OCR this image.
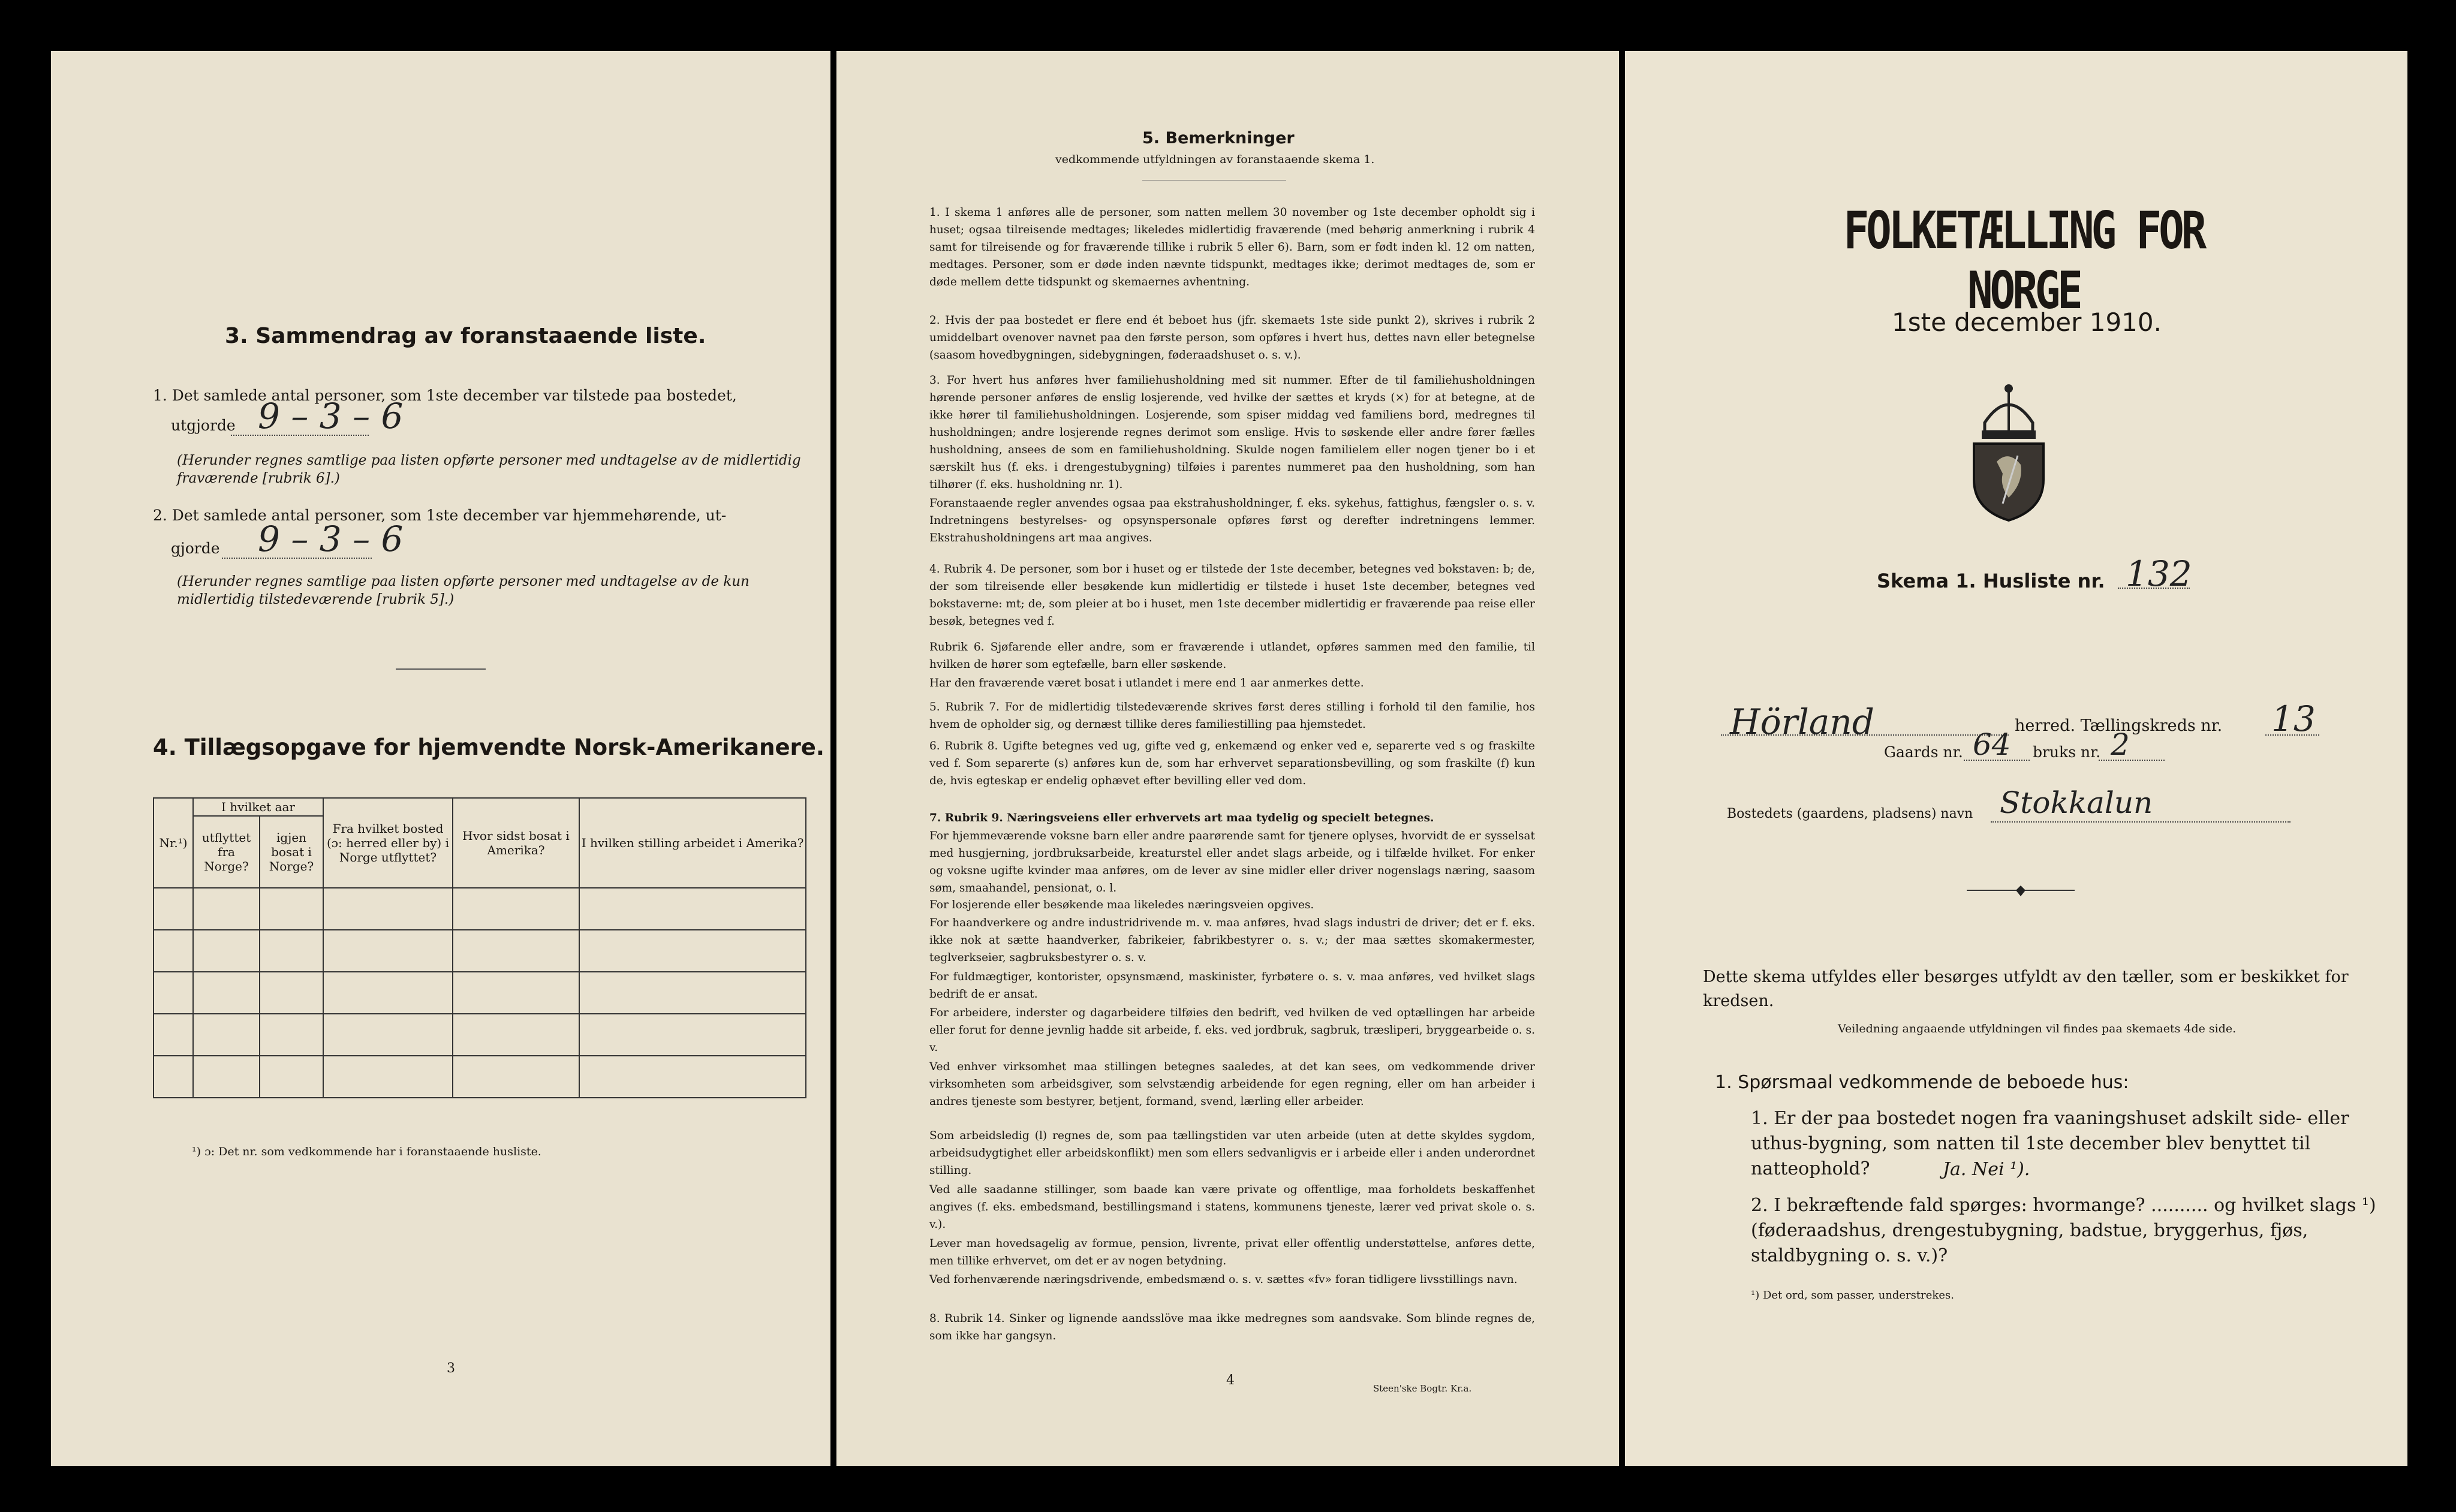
3. Sammendrag av foranstaaende liste.
1. Det samlede antal personer, som 1ste december var tilstede paa bostedet,
utgjorde 9 – 3 – 6
(Herunder regnes samtlige paa listen opførte personer med undtagelse av de midlertidig fraværende [rubrik 6].)
2. Det samlede antal personer, som 1ste december var hjemmehørende, ut-
gjorde 9 – 3 – 6
(Herunder regnes samtlige paa listen opførte personer med undtagelse av de kun midlertidig tilstedeværende [rubrik 5].)
4. Tillægsopgave for hjemvendte Norsk-Amerikanere.
Nr.¹)	I hvilket aar		Fra hvilket bosted (ɔ: herred eller by) i Norge utflyttet?	Hvor sidst bosat i Amerika?	I hvilken stilling arbeidet i Amerika?
	utflyttet fra Norge?	igjen bosat i Norge?			

¹) ɔ: Det nr. som vedkommende har i foranstaaende husliste.
3
5. Bemerkninger
vedkommende utfyldningen av foranstaaende skema 1.
1. I skema 1 anføres alle de personer, som natten mellem 30 november og 1ste december opholdt sig i huset; ogsaa tilreisende medtages; likeledes midlertidig fraværende (med behørig anmerkning i rubrik 4 samt for tilreisende og for fraværende tillike i rubrik 5 eller 6). Barn, som er født inden kl. 12 om natten, medtages. Personer, som er døde inden nævnte tidspunkt, medtages ikke; derimot medtages de, som er døde mellem dette tidspunkt og skemaernes avhentning.
2. Hvis der paa bostedet er flere end ét beboet hus (jfr. skemaets 1ste side punkt 2), skrives i rubrik 2 umiddelbart ovenover navnet paa den første person, som opføres i hvert hus, dettes navn eller betegnelse (saasom hovedbygningen, sidebygningen, føderaadshuset o. s. v.).
3. For hvert hus anføres hver familiehusholdning med sit nummer. Efter de til familiehusholdningen hørende personer anføres de enslig losjerende, ved hvilke der sættes et kryds (×) for at betegne, at de ikke hører til familiehusholdningen. Losjerende, som spiser middag ved familiens bord, medregnes til husholdningen; andre losjerende regnes derimot som enslige. Hvis to søskende eller andre fører fælles husholdning, ansees de som en familiehusholdning. Skulde nogen familielem eller nogen tjener bo i et særskilt hus (f. eks. i drengestubygning) tilføies i parentes nummeret paa den husholdning, som han tilhører (f. eks. husholdning nr. 1).
Foranstaaende regler anvendes ogsaa paa ekstrahusholdninger, f. eks. sykehus, fattighus, fængsler o. s. v. Indretningens bestyrelses- og opsynspersonale opføres først og derefter indretningens lemmer. Ekstrahusholdningens art maa angives.
4. Rubrik 4. De personer, som bor i huset og er tilstede der 1ste december, betegnes ved bokstaven: b; de, der som tilreisende eller besøkende kun midlertidig er tilstede i huset 1ste december, betegnes ved bokstaverne: mt; de, som pleier at bo i huset, men 1ste december midlertidig er fraværende paa reise eller besøk, betegnes ved f.
Rubrik 6. Sjøfarende eller andre, som er fraværende i utlandet, opføres sammen med den familie, til hvilken de hører som egtefælle, barn eller søskende.
Har den fraværende været bosat i utlandet i mere end 1 aar anmerkes dette.
5. Rubrik 7. For de midlertidig tilstedeværende skrives først deres stilling i forhold til den familie, hos hvem de opholder sig, og dernæst tillike deres familiestilling paa hjemstedet.
6. Rubrik 8. Ugifte betegnes ved ug, gifte ved g, enkemænd og enker ved e, separerte ved s og fraskilte ved f. Som separerte (s) anføres kun de, som har erhvervet separationsbevilling, og som fraskilte (f) kun de, hvis egteskap er endelig ophævet efter bevilling eller ved dom.
7. Rubrik 9. Næringsveiens eller erhvervets art maa tydelig og specielt betegnes.
For hjemmeværende voksne barn eller andre paarørende samt for tjenere oplyses, hvorvidt de er sysselsat med husgjerning, jordbruksarbeide, kreaturstel eller andet slags arbeide, og i tilfælde hvilket. For enker og voksne ugifte kvinder maa anføres, om de lever av sine midler eller driver nogenslags næring, saasom søm, smaahandel, pensionat, o. l.
For losjerende eller besøkende maa likeledes næringsveien opgives.
For haandverkere og andre industridrivende m. v. maa anføres, hvad slags industri de driver; det er f. eks. ikke nok at sætte haandverker, fabrikeier, fabrikbestyrer o. s. v.; der maa sættes skomakermester, teglverkseier, sagbruksbestyrer o. s. v.
For fuldmægtiger, kontorister, opsynsmænd, maskinister, fyrbøtere o. s. v. maa anføres, ved hvilket slags bedrift de er ansat.
For arbeidere, inderster og dagarbeidere tilføies den bedrift, ved hvilken de ved optællingen har arbeide eller forut for denne jevnlig hadde sit arbeide, f. eks. ved jordbruk, sagbruk, træsliperi, bryggearbeide o. s. v.
Ved enhver virksomhet maa stillingen betegnes saaledes, at det kan sees, om vedkommende driver virksomheten som arbeidsgiver, som selvstændig arbeidende for egen regning, eller om han arbeider i andres tjeneste som bestyrer, betjent, formand, svend, lærling eller arbeider.
Som arbeidsledig (l) regnes de, som paa tællingstiden var uten arbeide (uten at dette skyldes sygdom, arbeidsudygtighet eller arbeidskonflikt) men som ellers sedvanligvis er i arbeide eller i anden underordnet stilling.
Ved alle saadanne stillinger, som baade kan være private og offentlige, maa forholdets beskaffenhet angives (f. eks. embedsmand, bestillingsmand i statens, kommunens tjeneste, lærer ved privat skole o. s. v.).
Lever man hovedsagelig av formue, pension, livrente, privat eller offentlig understøttelse, anføres dette, men tillike erhvervet, om det er av nogen betydning.
Ved forhenværende næringsdrivende, embedsmænd o. s. v. sættes «fv» foran tidligere livsstillings navn.
8. Rubrik 14. Sinker og lignende aandsslöve maa ikke medregnes som aandsvake. Som blinde regnes de, som ikke har gangsyn.
4
Steen'ske Bogtr. Kr.a.
FOLKETÆLLING FOR NORGE
1ste december 1910.
Skema 1. Husliste nr. 132
Hörland	herred. Tællingskreds nr. 13
Gaards nr. 64 bruks nr. 2
Bostedets (gaardens, pladsens) navn Stokkalun
Dette skema utfyldes eller besørges utfyldt av den tæller, som er beskikket for kredsen.
Veiledning angaaende utfyldningen vil findes paa skemaets 4de side.
1. Spørsmaal vedkommende de beboede hus:
1. Er der paa bostedet nogen fra vaaningshuset adskilt side- eller uthus-bygning, som natten til 1ste december blev benyttet til natteophold?	Ja. Nei ¹).
2. I bekræftende fald spørges: hvormange? .......... og hvilket slags ¹) (føderaadshus, drengestubygning, badstue, bryggerhus, fjøs, staldbygning o. s. v.)?
¹) Det ord, som passer, understrekes.
